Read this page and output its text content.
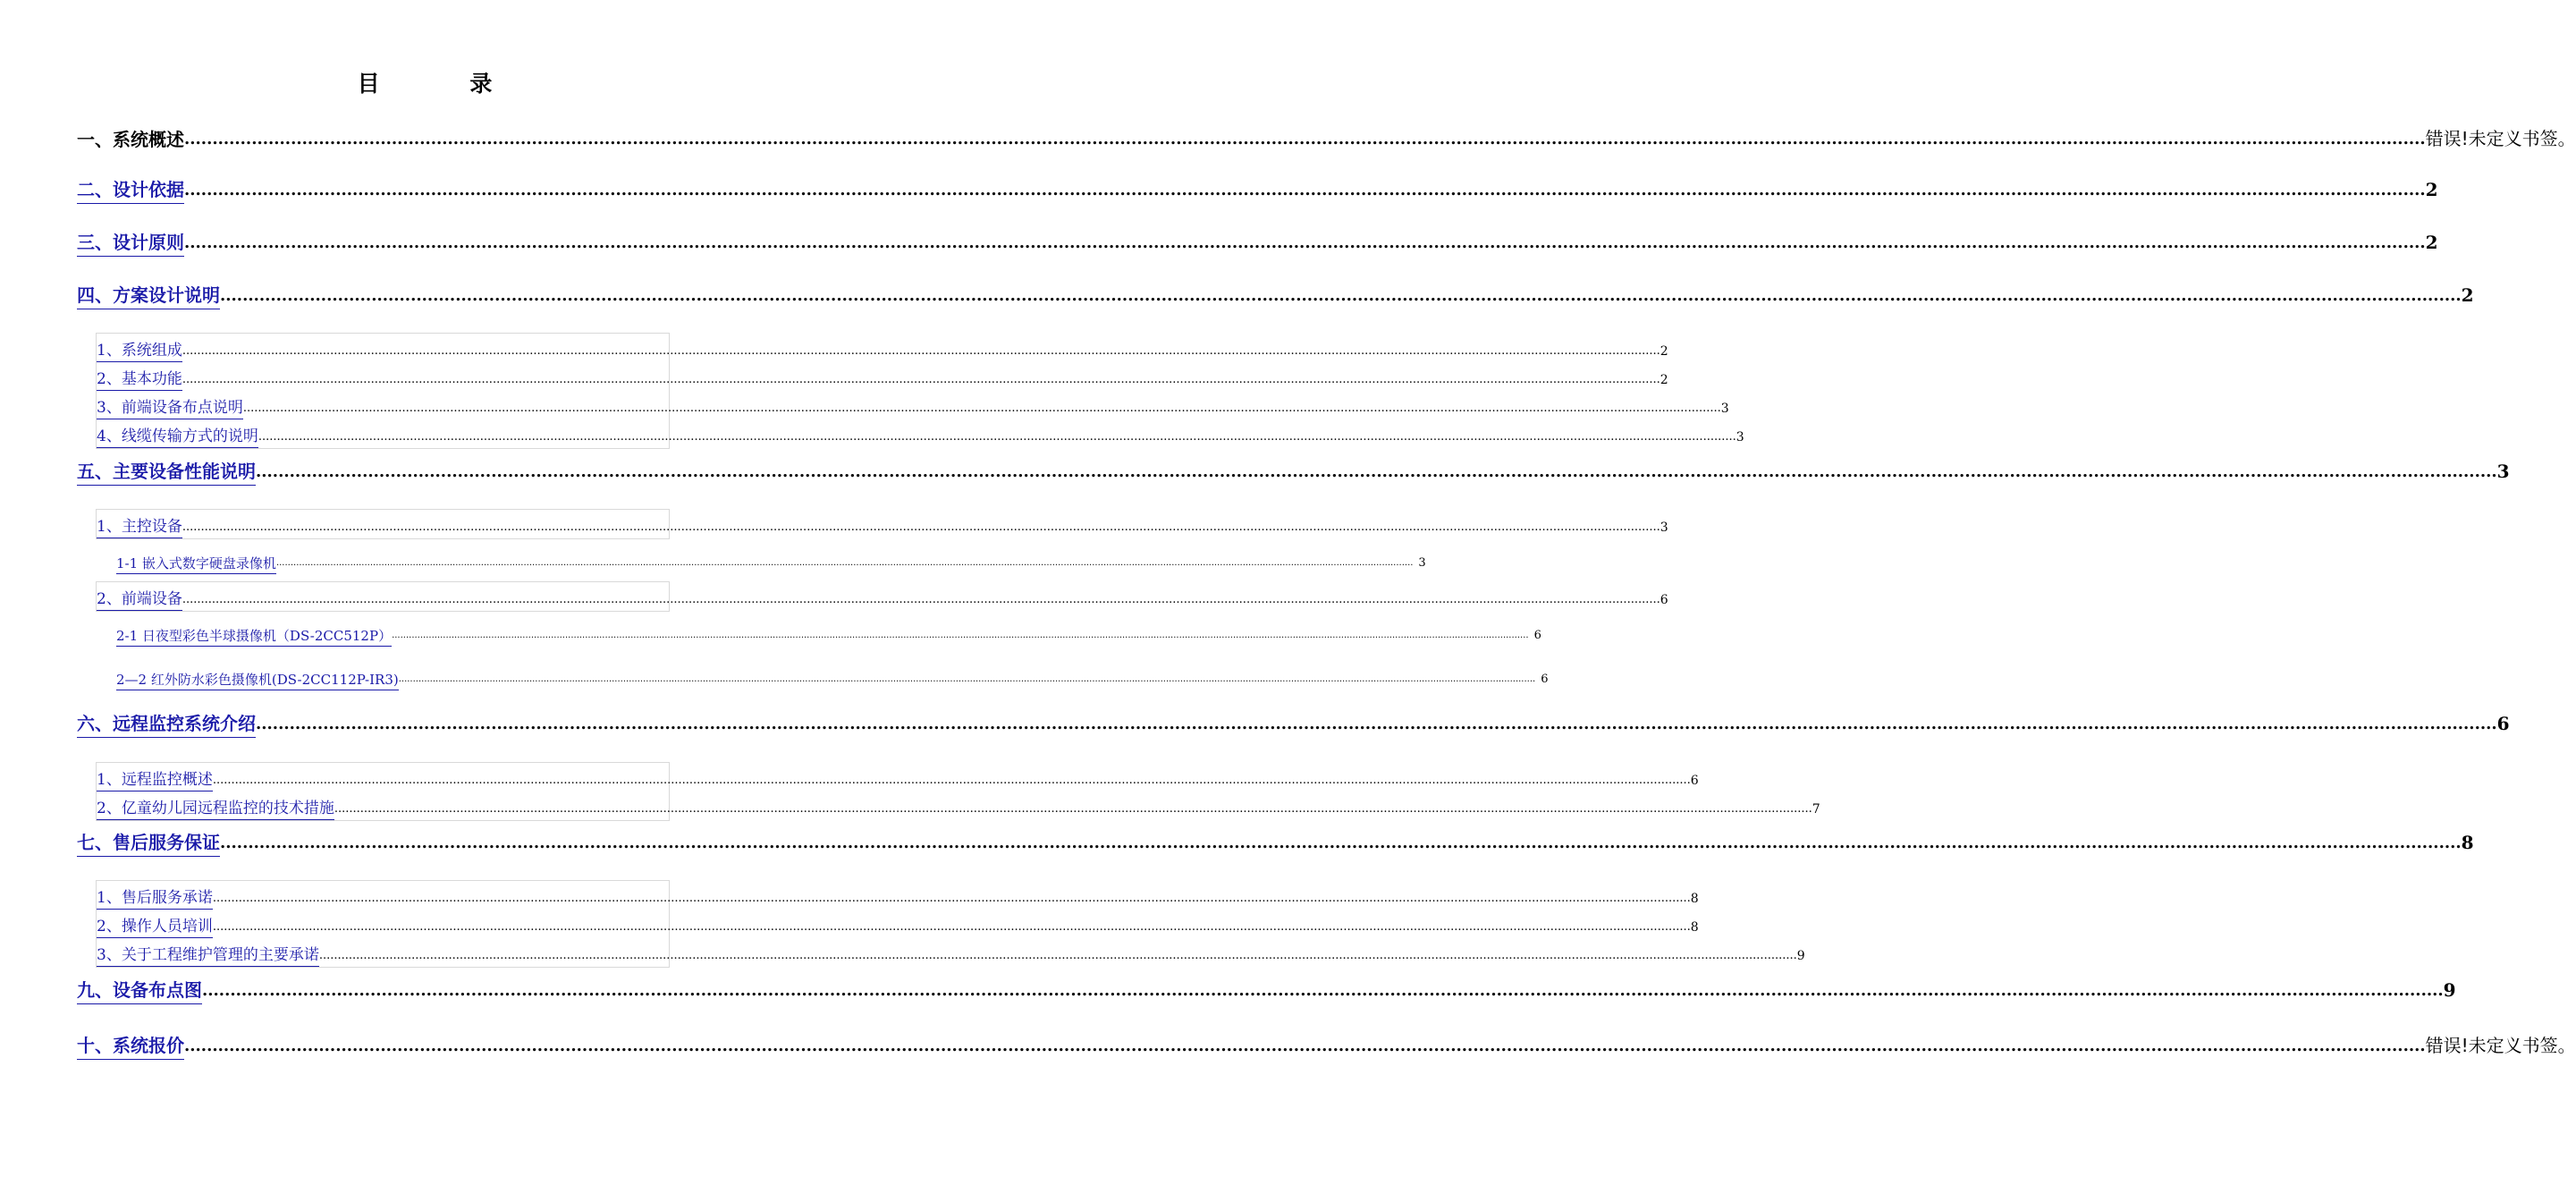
目 录
一、系统概述 ................................................................................................................................................................................................................................................................................................................................................................................................................ 错误!未定义书签。
二、设计依据 ................................................................................................................................................................................................................................................................................................................................................................................................................ 2
三、设计原则 ................................................................................................................................................................................................................................................................................................................................................................................................................ 2
四、方案设计说明 ................................................................................................................................................................................................................................................................................................................................................................................................................ 2
1、系统组成 ................................................................................................................................................................................................................................................................................................................................................................................................................ 2
2、基本功能 ................................................................................................................................................................................................................................................................................................................................................................................................................ 2
3、前端设备布点说明 ................................................................................................................................................................................................................................................................................................................................................................................................................ 3
4、线缆传输方式的说明 ................................................................................................................................................................................................................................................................................................................................................................................................................ 3
五、主要设备性能说明 ................................................................................................................................................................................................................................................................................................................................................................................................................ 3
1、主控设备 ................................................................................................................................................................................................................................................................................................................................................................................................................ 3
1-1 嵌入式数字硬盘录像机 ................................................................................................................................................................................................................................................................................................................................................................................................................ 3
2、前端设备 ................................................................................................................................................................................................................................................................................................................................................................................................................ 6
2-1 日夜型彩色半球摄像机（DS-2CC512P） ................................................................................................................................................................................................................................................................................................................................................................................................................ 6
2—2 红外防水彩色摄像机(DS-2CC112P-IR3) ................................................................................................................................................................................................................................................................................................................................................................................................................ 6
六、远程监控系统介绍 ................................................................................................................................................................................................................................................................................................................................................................................................................ 6
1、远程监控概述 ................................................................................................................................................................................................................................................................................................................................................................................................................ 6
2、亿童幼儿园远程监控的技术措施 ................................................................................................................................................................................................................................................................................................................................................................................................................ 7
七、售后服务保证 ................................................................................................................................................................................................................................................................................................................................................................................................................ 8
1、售后服务承诺 ................................................................................................................................................................................................................................................................................................................................................................................................................ 8
2、操作人员培训 ................................................................................................................................................................................................................................................................................................................................................................................................................ 8
3、关于工程维护管理的主要承诺 ................................................................................................................................................................................................................................................................................................................................................................................................................ 9
九、设备布点图 ................................................................................................................................................................................................................................................................................................................................................................................................................ 9
十、系统报价 ................................................................................................................................................................................................................................................................................................................................................................................................................ 错误!未定义书签。
